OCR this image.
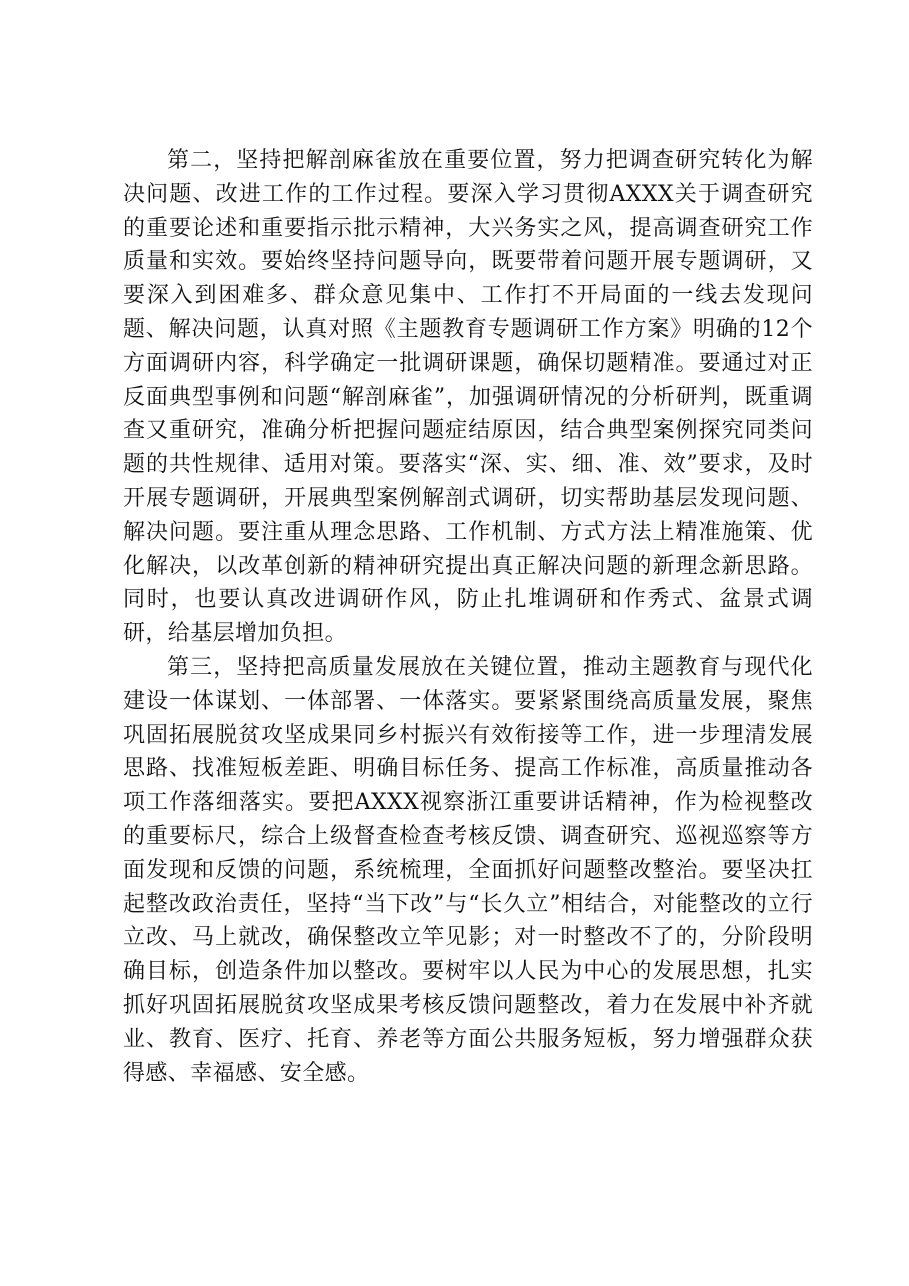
第二，坚持把解剖麻雀放在重要位置，努力把调查研究转化为解决问题、改进工作的工作过程。要深入学习贯彻AXXX关于调查研究的重要论述和重要指示批示精神，大兴务实之风，提高调查研究工作质量和实效。要始终坚持问题导向，既要带着问题开展专题调研，又要深入到困难多、群众意见集中、工作打不开局面的一线去发现问题、解决问题，认真对照《主题教育专题调研工作方案》明确的12个方面调研内容，科学确定一批调研课题，确保切题精准。要通过对正反面典型事例和问题“解剖麻雀”，加强调研情况的分析研判，既重调查又重研究，准确分析把握问题症结原因，结合典型案例探究同类问题的共性规律、适用对策。要落实“深、实、细、准、效”要求，及时开展专题调研，开展典型案例解剖式调研，切实帮助基层发现问题、解决问题。要注重从理念思路、工作机制、方式方法上精准施策、优化解决，以改革创新的精神研究提出真正解决问题的新理念新思路。同时，也要认真改进调研作风，防止扎堆调研和作秀式、盆景式调研，给基层增加负担。

第三，坚持把高质量发展放在关键位置，推动主题教育与现代化建设一体谋划、一体部署、一体落实。要紧紧围绕高质量发展，聚焦巩固拓展脱贫攻坚成果同乡村振兴有效衔接等工作，进一步理清发展思路、找准短板差距、明确目标任务、提高工作标准，高质量推动各项工作落细落实。要把AXXX视察浙江重要讲话精神，作为检视整改的重要标尺，综合上级督查检查考核反馈、调查研究、巡视巡察等方面发现和反馈的问题，系统梳理，全面抓好问题整改整治。要坚决扛起整改政治责任，坚持“当下改”与“长久立”相结合，对能整改的立行立改、马上就改，确保整改立竿见影；对一时整改不了的，分阶段明确目标，创造条件加以整改。要树牢以人民为中心的发展思想，扎实抓好巩固拓展脱贫攻坚成果考核反馈问题整改，着力在发展中补齐就业、教育、医疗、托育、养老等方面公共服务短板，努力增强群众获得感、幸福感、安全感。
